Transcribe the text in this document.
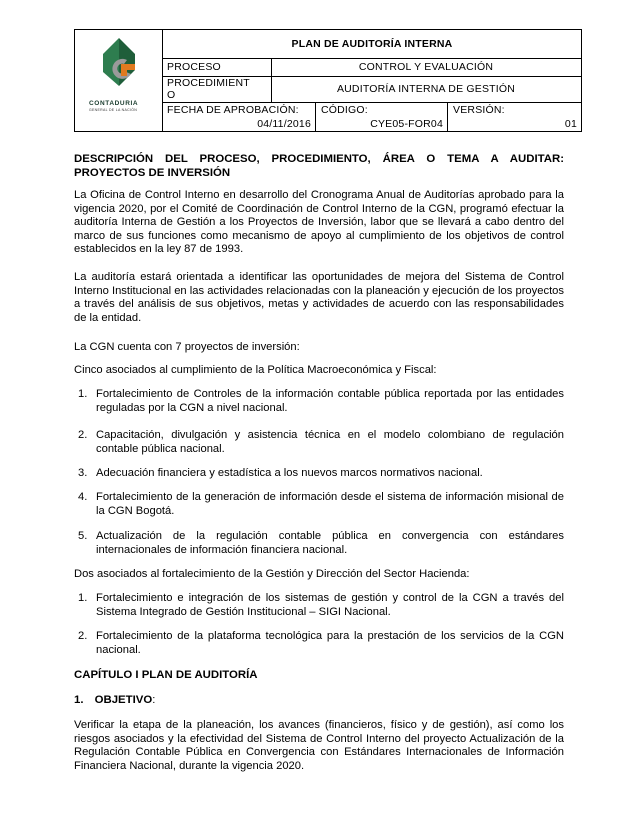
CONTADURIA
GENERAL DE LA NACIÓN
PLAN DE AUDITORÍA INTERNA
PROCESO	CONTROL Y EVALUACIÓN
PROCEDIMIENT
O	AUDITORÍA INTERNA DE GESTIÓN
FECHA DE APROBACIÓN:
04/11/2016
CÓDIGO:
CYE05-FOR04
VERSIÓN:
01
DESCRIPCIÓN DEL PROCESO, PROCEDIMIENTO, ÁREA O TEMA A AUDITAR: PROYECTOS DE INVERSIÓN
La Oficina de Control Interno en desarrollo del Cronograma Anual de Auditorías aprobado para la vigencia 2020, por el Comité de Coordinación de Control Interno de la CGN, programó efectuar la auditoría Interna de Gestión a los Proyectos de Inversión, labor que se llevará a cabo dentro del marco de sus funciones como mecanismo de apoyo al cumplimiento de los objetivos de control establecidos en la ley 87 de 1993.
La auditoría estará orientada a identificar las oportunidades de mejora del Sistema de Control Interno Institucional en las actividades relacionadas con la planeación y ejecución de los proyectos a través del análisis de sus objetivos, metas y actividades de acuerdo con las responsabilidades de la entidad.
La CGN cuenta con 7 proyectos de inversión:
Cinco asociados al cumplimiento de la Política Macroeconómica y Fiscal:
1. Fortalecimiento de Controles de la información contable pública reportada por las entidades reguladas por la CGN a nivel nacional.
2. Capacitación, divulgación y asistencia técnica en el modelo colombiano de regulación contable pública nacional.
3. Adecuación financiera y estadística a los nuevos marcos normativos nacional.
4. Fortalecimiento de la generación de información desde el sistema de información misional de la CGN Bogotá.
5. Actualización de la regulación contable pública en convergencia con estándares internacionales de información financiera nacional.
Dos asociados al fortalecimiento de la Gestión y Dirección del Sector Hacienda:
1. Fortalecimiento e integración de los sistemas de gestión y control de la CGN a través del Sistema Integrado de Gestión Institucional – SIGI Nacional.
2. Fortalecimiento de la plataforma tecnológica para la prestación de los servicios de la CGN nacional.
CAPÍTULO I PLAN DE AUDITORÍA
1. OBJETIVO:
Verificar la etapa de la planeación, los avances (financieros, físico y de gestión), así como los riesgos asociados y la efectividad del Sistema de Control Interno del proyecto Actualización de la Regulación Contable Pública en Convergencia con Estándares Internacionales de Información Financiera Nacional, durante la vigencia 2020.
